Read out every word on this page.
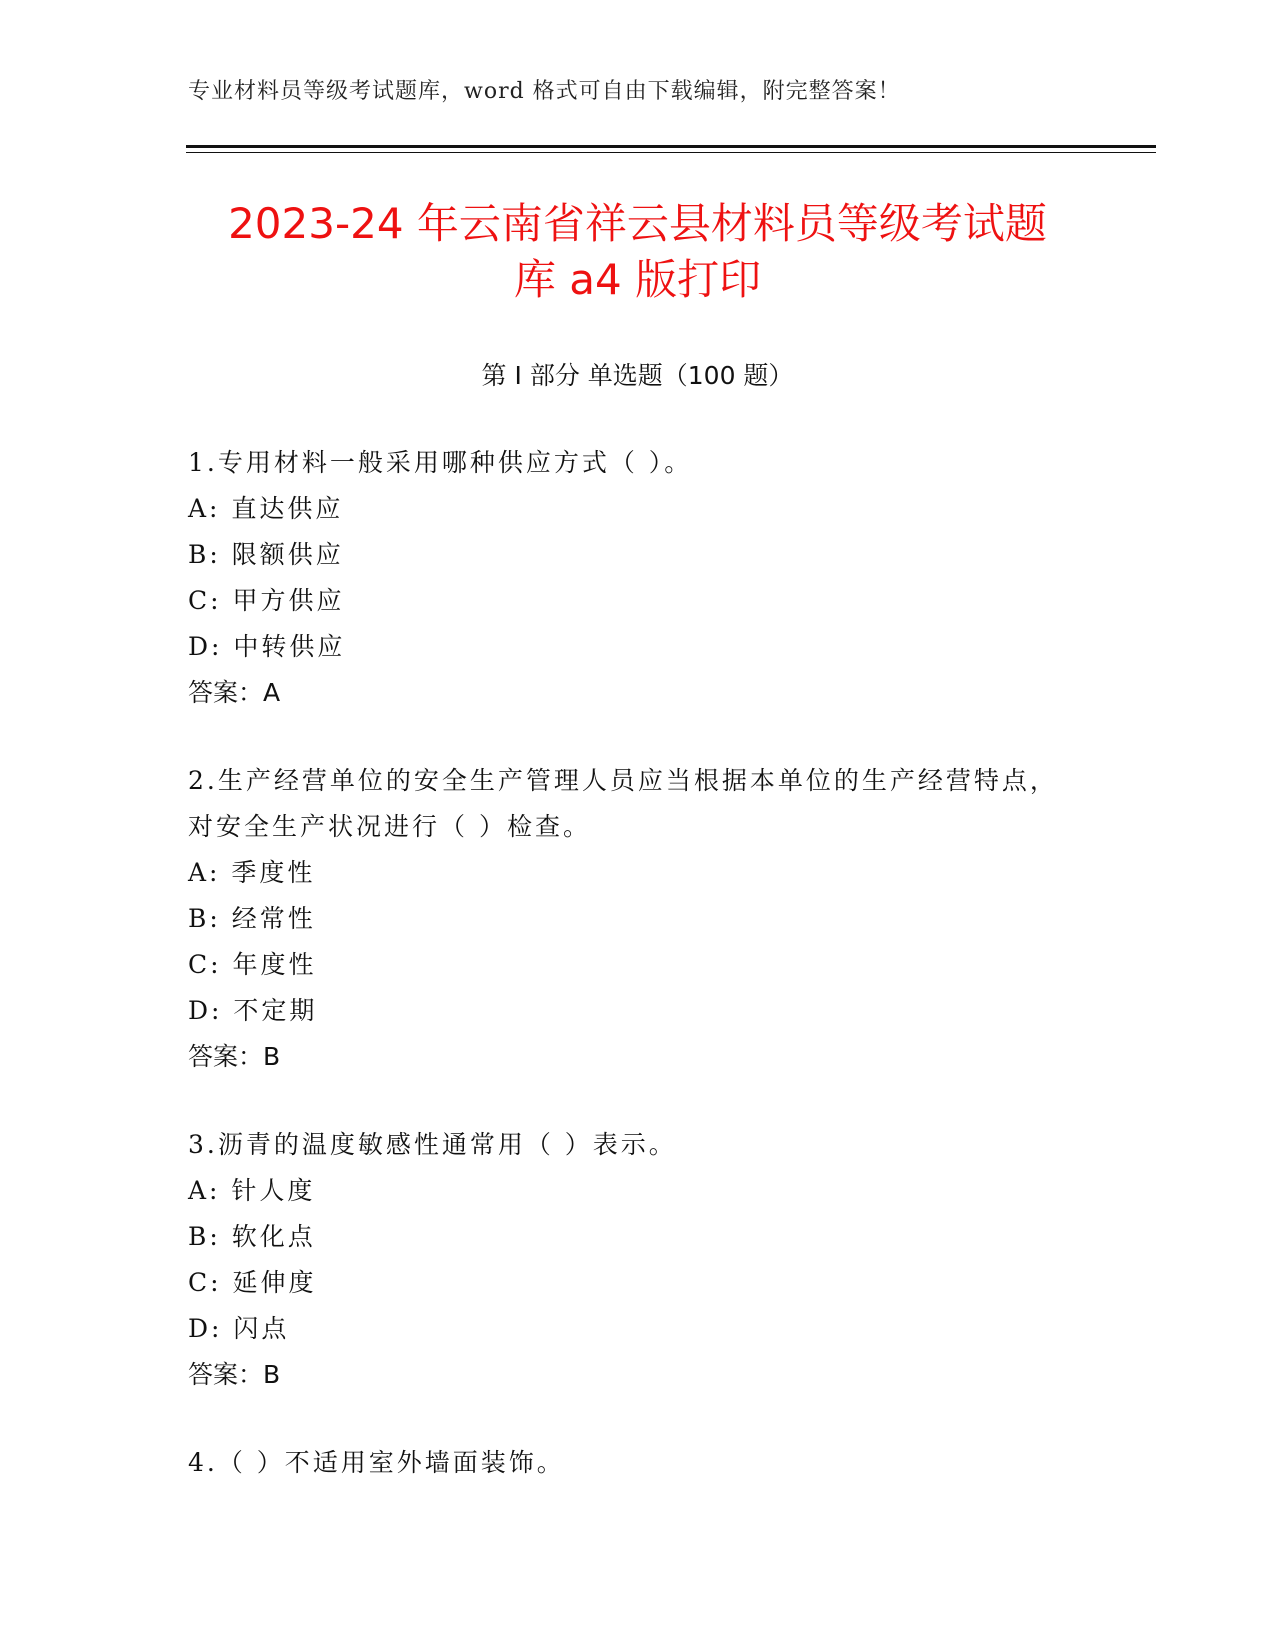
专业材料员等级考试题库，word 格式可自由下载编辑，附完整答案！
2023-24 年云南省祥云县材料员等级考试题
库 a4 版打印
第 I 部分 单选题（100 题）

1.专用材料一般采用哪种供应方式（ ）。

A: 直达供应

B: 限额供应

C: 甲方供应

D: 中转供应

答案：A

2.生产经营单位的安全生产管理人员应当根据本单位的生产经营特点，对安全生产状况进行（ ）检查。

A: 季度性

B: 经常性

C: 年度性

D: 不定期

答案：B

3.沥青的温度敏感性通常用（ ）表示。

A: 针人度

B: 软化点

C: 延伸度

D: 闪点

答案：B

4.（ ）不适用室外墙面装饰。
